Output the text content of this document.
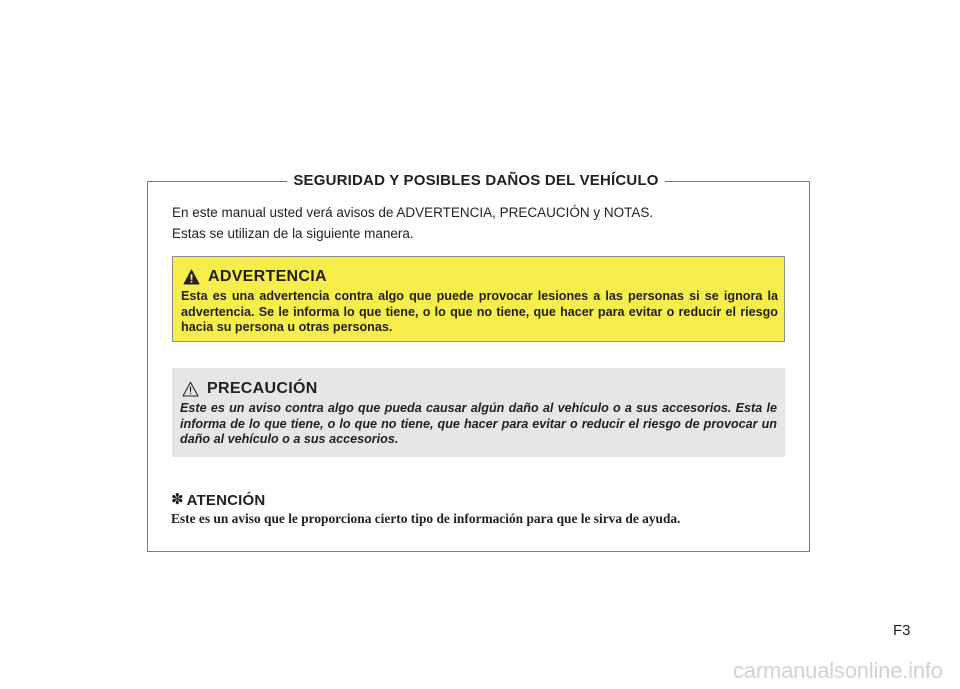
SEGURIDAD Y POSIBLES DAÑOS DEL VEHÍCULO

En este manual usted verá avisos de ADVERTENCIA, PRECAUCIÓN y NOTAS.

Estas se utilizan de la siguiente manera.

ADVERTENCIA

Esta es una advertencia contra algo que puede provocar lesiones a las personas si se ignora la advertencia. Se le informa lo que tiene, o lo que no tiene, que hacer para evitar o reducir el riesgo hacia su persona u otras personas.

PRECAUCIÓN

Este es un aviso contra algo que pueda causar algún daño al vehículo o a sus accesorios. Esta le informa de lo que tiene, o lo que no tiene, que hacer para evitar o reducir el riesgo de provocar un daño al vehículo o a sus accesorios.

✽ ATENCIÓN

Este es un aviso que le proporciona cierto tipo de información para que le sirva de ayuda.

F3
carmanualsonline.info
